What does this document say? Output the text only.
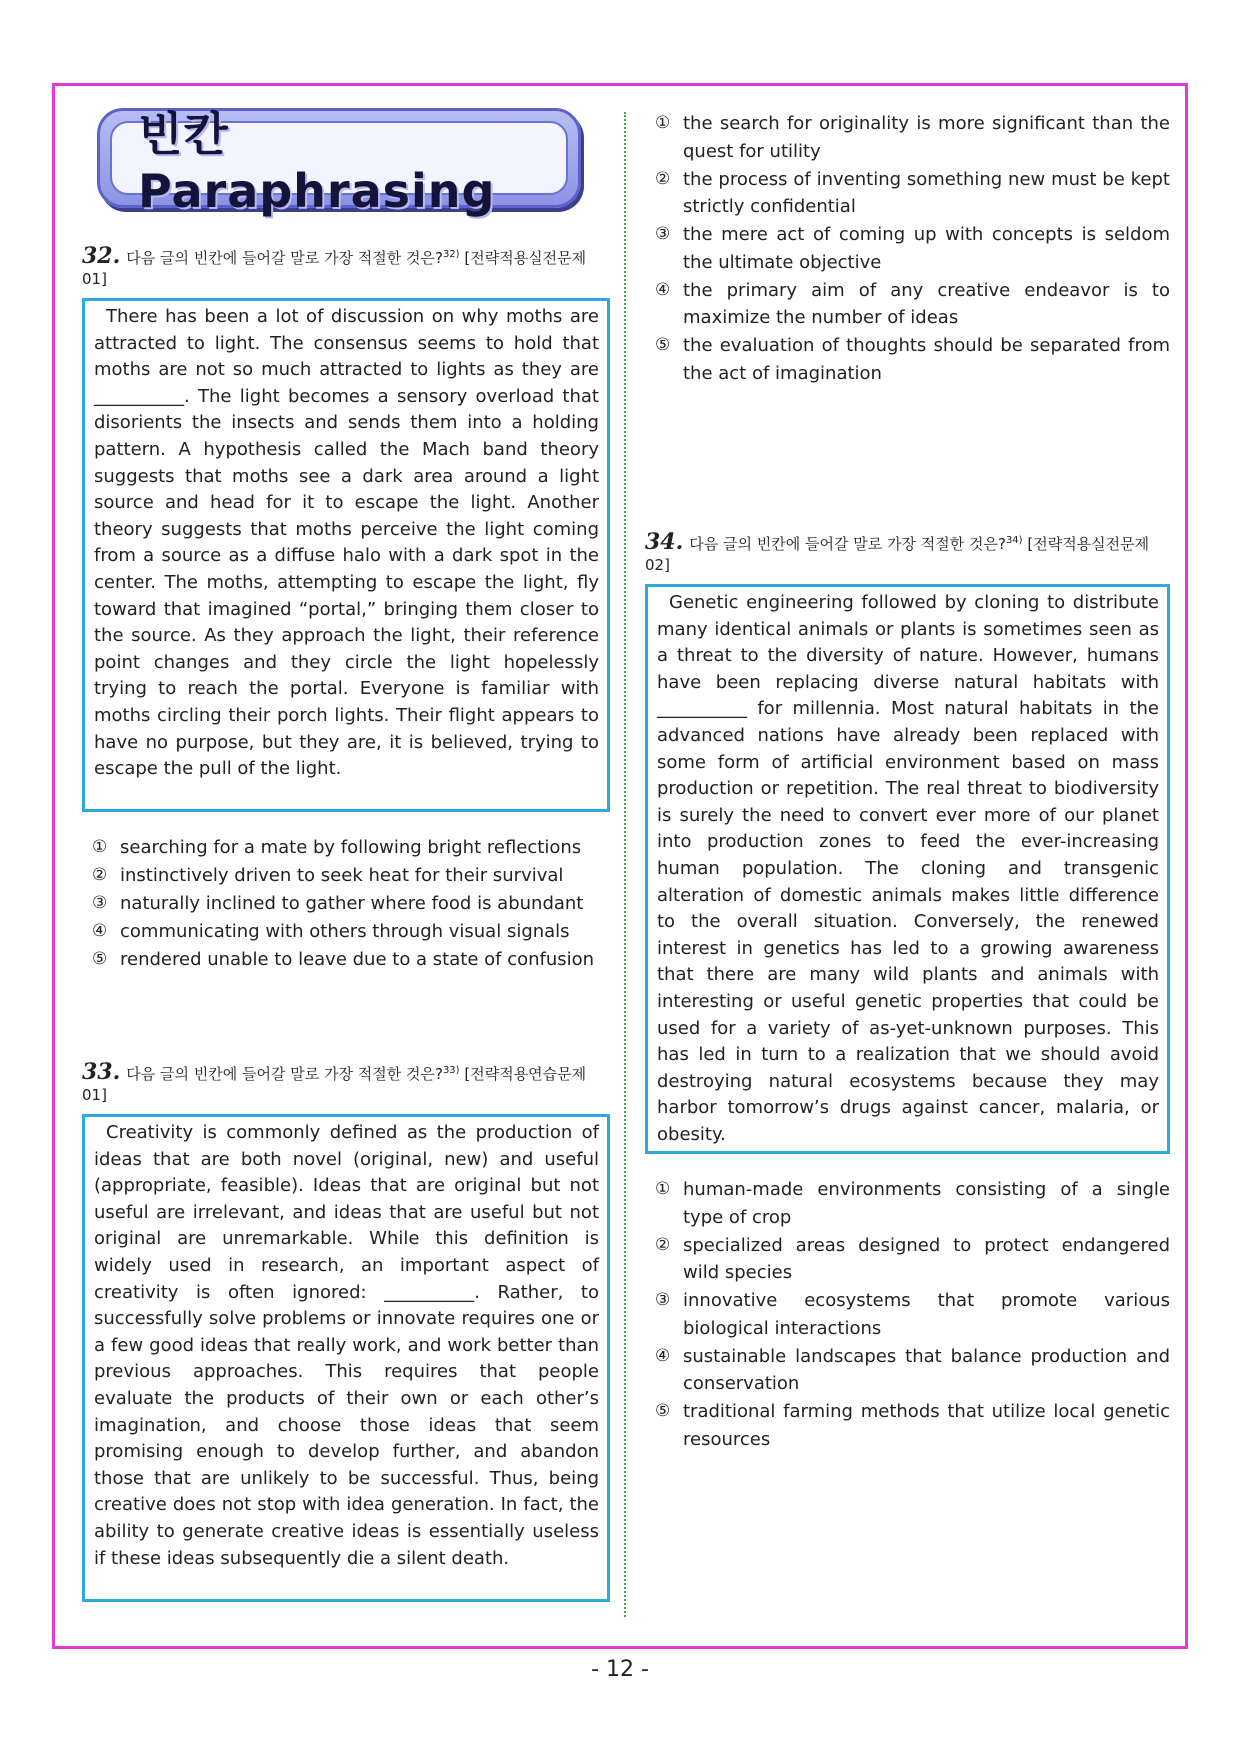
빈칸 Paraphrasing
32. 다음 글의 빈칸에 들어갈 말로 가장 적절한 것은?$^{32)}$ [전략적용실전문제01]

There has been a lot of discussion on why moths are attracted to light. The consensus seems to hold that moths are not so much attracted to lights as they are __________. The light becomes a sensory overload that disorients the insects and sends them into a holding pattern. A hypothesis called the Mach band theory suggests that moths see a dark area around a light source and head for it to escape the light. Another theory suggests that moths perceive the light coming from a source as a diffuse halo with a dark spot in the center. The moths, attempting to escape the light, fly toward that imagined “portal,” bringing them closer to the source. As they approach the light, their reference point changes and they circle the light hopelessly trying to reach the portal. Everyone is familiar with moths circling their porch lights. Their flight appears to have no purpose, but they are, it is believed, trying to escape the pull of the light.

① searching for a mate by following bright reflections
② instinctively driven to seek heat for their survival
③ naturally inclined to gather where food is abundant
④ communicating with others through visual signals
⑤ rendered unable to leave due to a state of confusion
33. 다음 글의 빈칸에 들어갈 말로 가장 적절한 것은?$^{33)}$ [전략적용연습문제01]

Creativity is commonly defined as the production of ideas that are both novel (original, new) and useful (appropriate, feasible). Ideas that are original but not useful are irrelevant, and ideas that are useful but not original are unremarkable. While this definition is widely used in research, an important aspect of creativity is often ignored: __________. Rather, to successfully solve problems or innovate requires one or a few good ideas that really work, and work better than previous approaches. This requires that people evaluate the products of their own or each other’s imagination, and choose those ideas that seem promising enough to develop further, and abandon those that are unlikely to be successful. Thus, being creative does not stop with idea generation. In fact, the ability to generate creative ideas is essentially useless if these ideas subsequently die a silent death.

① the search for originality is more significant than the quest for utility
② the process of inventing something new must be kept strictly confidential
③ the mere act of coming up with concepts is seldom the ultimate objective
④ the primary aim of any creative endeavor is to maximize the number of ideas
⑤ the evaluation of thoughts should be separated from the act of imagination
34. 다음 글의 빈칸에 들어갈 말로 가장 적절한 것은?$^{34)}$ [전략적용실전문제02]

Genetic engineering followed by cloning to distribute many identical animals or plants is sometimes seen as a threat to the diversity of nature. However, humans have been replacing diverse natural habitats with __________ for millennia. Most natural habitats in the advanced nations have already been replaced with some form of artificial environment based on mass production or repetition. The real threat to biodiversity is surely the need to convert ever more of our planet into production zones to feed the ever-increasing human population. The cloning and transgenic alteration of domestic animals makes little difference to the overall situation. Conversely, the renewed interest in genetics has led to a growing awareness that there are many wild plants and animals with interesting or useful genetic properties that could be used for a variety of as-yet-unknown purposes. This has led in turn to a realization that we should avoid destroying natural ecosystems because they may harbor tomorrow’s drugs against cancer, malaria, or obesity.

① human-made environments consisting of a single type of crop
② specialized areas designed to protect endangered wild species
③ innovative ecosystems that promote various biological interactions
④ sustainable landscapes that balance production and conservation
⑤ traditional farming methods that utilize local genetic resources
- 12 -
